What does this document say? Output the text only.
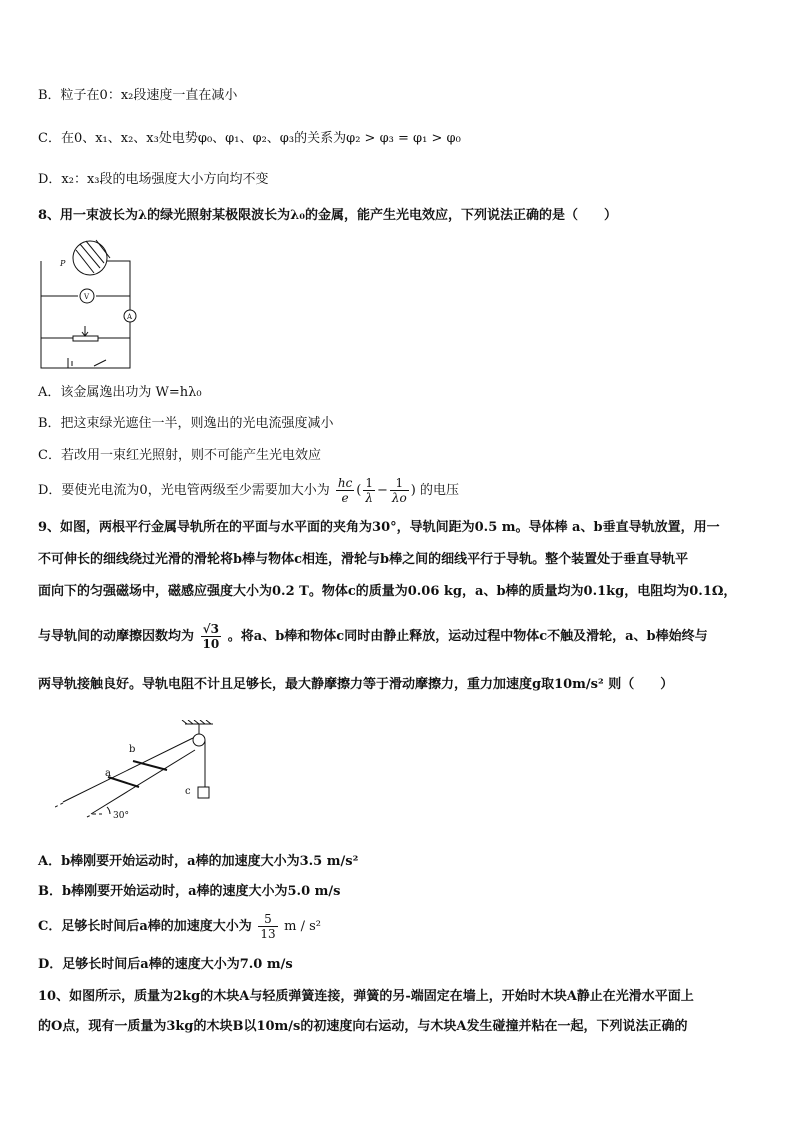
B．粒子在0：x₂段速度一直在减小
C．在0、x₁、x₂、x₃处电势φ₀、φ₁、φ₂、φ₃的关系为φ₂ > φ₃ = φ₁ > φ₀
D．x₂：x₃段的电场强度大小方向均不变
8、用一束波长为λ的绿光照射某极限波长为λ₀的金属，能产生光电效应，下列说法正确的是（　　）
P
V
A
A．该金属逸出功为 W=hλ₀
B．把这束绿光遮住一半，则逸出的光电流强度减小
C．若改用一束红光照射，则不可能产生光电效应
D．要使光电流为0，光电管两级至少需要加大小为 $\frac{hc}{e}$ ( $\frac{1}{\lambda} - \frac{1}{\lambda o}$ ) 的电压
9、如图，两根平行金属导轨所在的平面与水平面的夹角为30°，导轨间距为0.5 m。导体棒 a、b垂直导轨放置，用一
不可伸长的细线绕过光滑的滑轮将b棒与物体c相连，滑轮与b棒之间的细线平行于导轨。整个装置处于垂直导轨平
面向下的匀强磁场中，磁感应强度大小为0.2 T。物体c的质量为0.06 kg，a、b棒的质量均为0.1kg，电阻均为0.1Ω，
与导轨间的动摩擦因数均为 $\frac{√3}{10}$ 。将a、b棒和物体c同时由静止释放，运动过程中物体c不触及滑轮，a、b棒始终与
两导轨接触良好。导轨电阻不计且足够长，最大静摩擦力等于滑动摩擦力，重力加速度g取10m/s² 则（　　）
a
b
c
30°
A．b棒刚要开始运动时，a棒的加速度大小为3.5 m/s²
B．b棒刚要开始运动时，a棒的速度大小为5.0 m/s
C．足够长时间后a棒的加速度大小为 $\frac{5}{13}$ m / s²
D．足够长时间后a棒的速度大小为7.0 m/s
10、如图所示，质量为2kg的木块A与轻质弹簧连接，弹簧的另-端固定在墙上，开始时木块A静止在光滑水平面上
的O点，现有一质量为3kg的木块B以10m/s的初速度向右运动，与木块A发生碰撞并粘在一起，下列说法正确的
